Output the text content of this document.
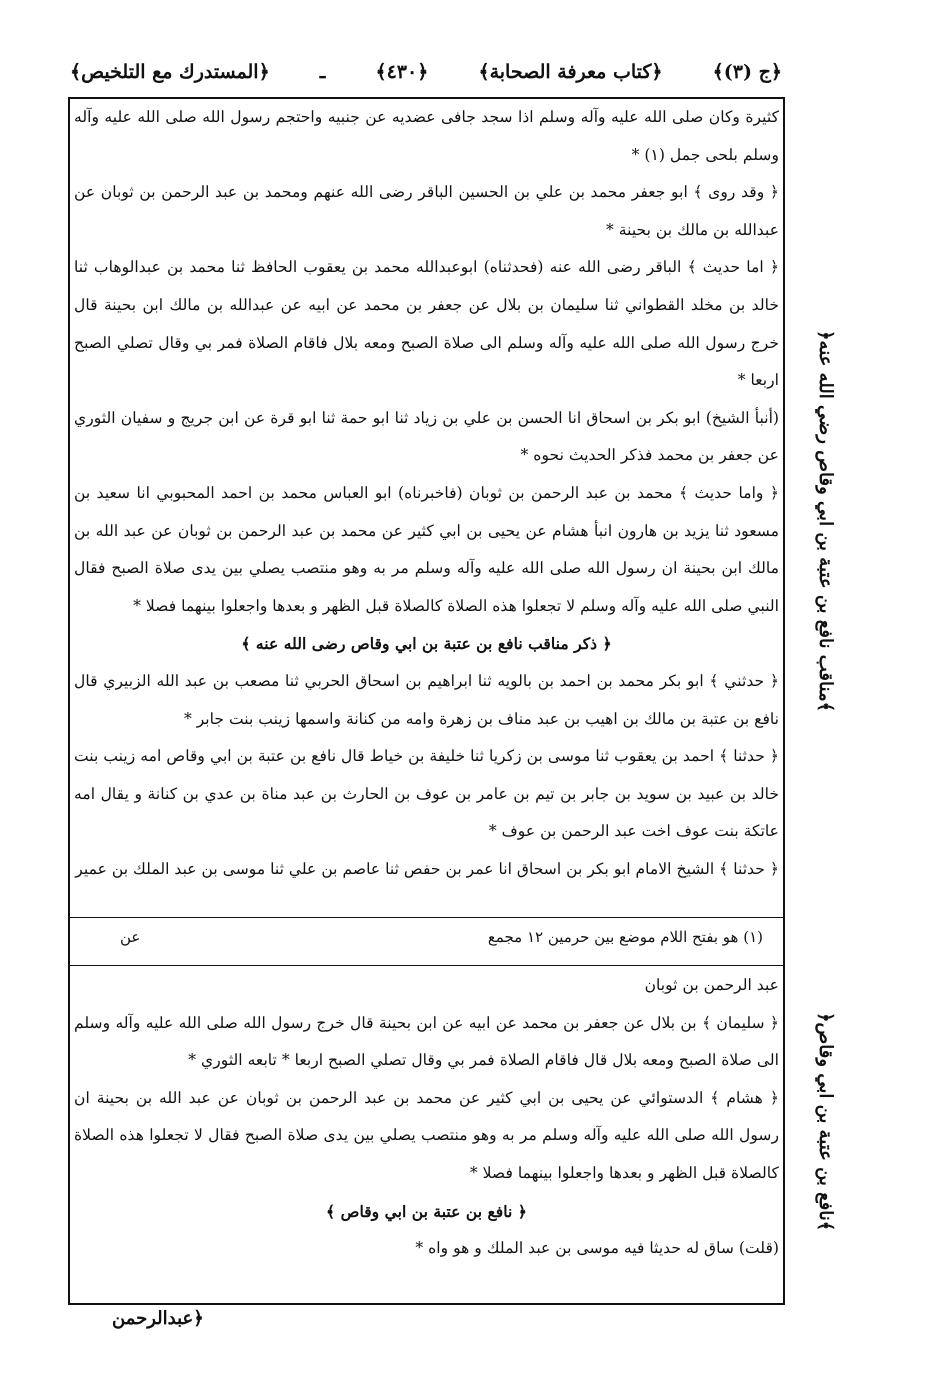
﴿المستدرك مع التلخيص﴾	ـ	﴿٤٣٠﴾	﴿كتاب معرفة الصحابة﴾	﴿ج (٣)﴾

كثيرة وكان صلى الله عليه وآله وسلم اذا سجد جافى عضديه عن جنبيه واحتجم رسول الله صلى الله عليه وآله وسلم بلحى جمل (١) *

﴿ وقد روى ﴾ ابو جعفر محمد بن علي بن الحسين الباقر رضى الله عنهم ومحمد بن عبد الرحمن بن ثوبان عن عبدالله بن مالك بن بحينة *

﴿ اما حديث ﴾ الباقر رضى الله عنه (فحدثناه) ابوعبدالله محمد بن يعقوب الحافظ ثنا محمد بن عبدالوهاب ثنا خالد بن مخلد القطواني ثنا سليمان بن بلال عن جعفر بن محمد عن ابيه عن عبدالله بن مالك ابن بحينة قال خرج رسول الله صلى الله عليه وآله وسلم الى صلاة الصبح ومعه بلال فاقام الصلاة فمر بي وقال تصلي الصبح اربعا *

(أنبأ الشيخ) ابو بكر بن اسحاق انا الحسن بن علي بن زياد ثنا ابو حمة ثنا ابو قرة عن ابن جريج و سفيان الثوري عن جعفر بن محمد فذكر الحديث نحوه *

﴿ واما حديث ﴾ محمد بن عبد الرحمن بن ثوبان (فاخبرناه) ابو العباس محمد بن احمد المحبوبي انا سعيد بن مسعود ثنا يزيد بن هارون انبأ هشام عن يحيى بن ابي كثير عن محمد بن عبد الرحمن بن ثوبان عن عبد الله بن مالك ابن بحينة ان رسول الله صلى الله عليه وآله وسلم مر به وهو منتصب يصلي بين يدى صلاة الصبح فقال النبي صلى الله عليه وآله وسلم لا تجعلوا هذه الصلاة كالصلاة قبل الظهر و بعدها واجعلوا بينهما فصلا *

﴿ ذكر مناقب نافع بن عتبة بن ابي وقاص رضى الله عنه ﴾

﴿ حدثني ﴾ ابو بكر محمد بن احمد بن بالويه ثنا ابراهيم بن اسحاق الحربي ثنا مصعب بن عبد الله الزبيري قال نافع بن عتبة بن مالك بن اهيب بن عبد مناف بن زهرة وامه من كنانة واسمها زينب بنت جابر *

﴿ حدثنا ﴾ احمد بن يعقوب ثنا موسى بن زكريا ثنا خليفة بن خياط قال نافع بن عتبة بن ابي وقاص امه زينب بنت خالد بن عبيد بن سويد بن جابر بن تيم بن عامر بن عوف بن الحارث بن عبد مناة بن عدي بن كنانة و يقال امه عاتكة بنت عوف اخت عبد الرحمن بن عوف *

﴿ حدثنا ﴾ الشيخ الامام ابو بكر بن اسحاق انا عمر بن حفص ثنا عاصم بن علي ثنا موسى بن عبد الملك بن عمير

(١) هو بفتح اللام موضع بين حرمين ١٢ مجمع
عن

عبد الرحمن بن ثوبان

﴿ سليمان ﴾ بن بلال عن جعفر بن محمد عن ابيه عن ابن بحينة قال خرج رسول الله صلى الله عليه وآله وسلم الى صلاة الصبح ومعه بلال قال فاقام الصلاة فمر بي وقال تصلي الصبح اربعا * تابعه الثوري *

﴿ هشام ﴾ الدستوائي عن يحيى بن ابي كثير عن محمد بن عبد الرحمن بن ثوبان عن عبد الله بن بحينة ان رسول الله صلى الله عليه وآله وسلم مر به وهو منتصب يصلي بين يدى صلاة الصبح فقال لا تجعلوا هذه الصلاة كالصلاة قبل الظهر و بعدها واجعلوا بينهما فصلا *

﴿ نافع بن عتبة بن ابي وقاص ﴾

(قلت) ساق له حديثا فيه موسى بن عبد الملك و هو واه *

﴿مناقب نافع بن عتبة بن ابي وقاص رضي الله عنه﴾
﴿نافع بن عتبة بن ابي وقاص﴾
﴿عبدالرحمن
